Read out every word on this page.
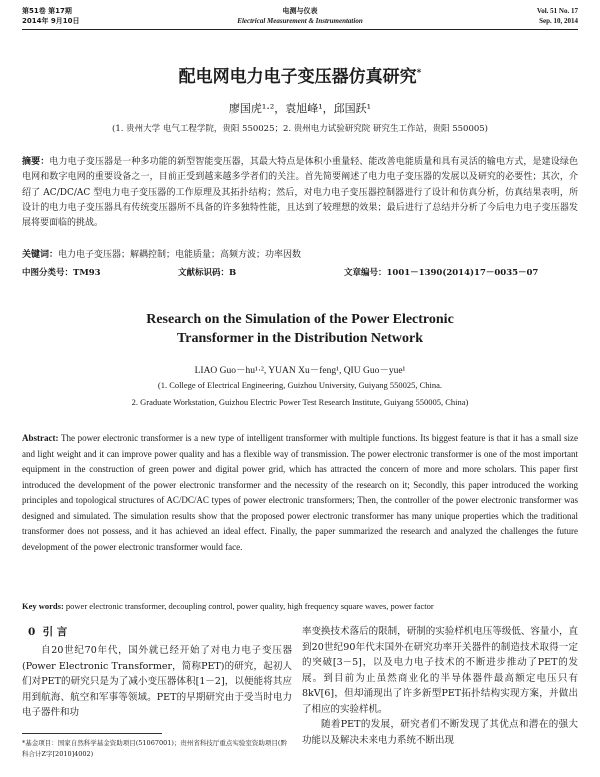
第51卷 第17期
2014年 9月10日
电测与仪表
Electrical Measurement & Instrumentation
Vol. 51 No. 17
Sep. 10, 2014
配电网电力电子变压器仿真研究*
廖国虎¹·²，袁旭峰¹，邱国跃¹
(1. 贵州大学 电气工程学院，贵阳 550025；2. 贵州电力试验研究院 研究生工作站，贵阳 550005)
摘要：电力电子变压器是一种多功能的新型智能变压器，其最大特点是体积小重量轻、能改善电能质量和具有灵活的输电方式，是建设绿色电网和数字电网的重要设备之一，目前正受到越来越多学者们的关注。首先简要阐述了电力电子变压器的发展以及研究的必要性；其次，介绍了 AC/DC/AC 型电力电子变压器的工作原理及其拓扑结构；然后，对电力电子变压器控制器进行了设计和仿真分析，仿真结果表明，所设计的电力电子变压器具有传统变压器所不具备的许多独特性能，且达到了较理想的效果；最后进行了总结并分析了今后电力电子变压器发展将要面临的挑战。
关键词：电力电子变压器；解耦控制；电能质量；高频方波；功率因数
中图分类号：TM93	文献标识码：B	文章编号：1001－1390(2014)17－0035－07
Research on the Simulation of the Power Electronic
Transformer in the Distribution Network
LIAO Guo－hu¹·², YUAN Xu－feng¹, QIU Guo－yue¹
(1. College of Electrical Engineering, Guizhou University, Guiyang 550025, China.
2. Graduate Workstation, Guizhou Electric Power Test Research Institute, Guiyang 550005, China)
Abstract: The power electronic transformer is a new type of intelligent transformer with multiple functions. Its biggest feature is that it has a small size and light weight and it can improve power quality and has a flexible way of transmission. The power electronic transformer is one of the most important equipment in the construction of green power and digital power grid, which has attracted the concern of more and more scholars. This paper first introduced the development of the power electronic transformer and the necessity of the research on it; Secondly, this paper introduced the working principles and topological structures of AC/DC/AC types of power electronic transformers; Then, the controller of the power electronic transformer was designed and simulated. The simulation results show that the proposed power electronic transformer has many unique properties which the traditional transformer does not possess, and it has achieved an ideal effect. Finally, the paper summarized the research and analyzed the challenges the future development of the power electronic transformer would face.
Key words: power electronic transformer, decoupling control, power quality, high frequency square waves, power factor
0 引 言
自20世纪70年代，国外就已经开始了对电力电子变压器(Power Electronic Transformer，简称PET)的研究，起初人们对PET的研究只是为了减小变压器体积[1－2]，以便能将其应用到航海、航空和军事等领域。PET的早期研究由于受当时电力电子器件和功
*基金项目：国家自然科学基金资助项目(51067001)；贵州省科技厅重点实验室资助项目(黔科合计Z字[2010]4002)
率变换技术落后的限制，研制的实验样机电压等级低、容量小，直到20世纪90年代末国外在研究功率开关器件的制造技术取得一定的突破[3－5]，以及电力电子技术的不断进步推动了PET的发展。到目前为止虽然商业化的半导体器件最高额定电压只有8kV[6]，但却涌现出了许多新型PET拓扑结构实现方案，并做出了相应的实验样机。
随着PET的发展，研究者们不断发现了其优点和潜在的强大功能以及解决未来电力系统不断出现
